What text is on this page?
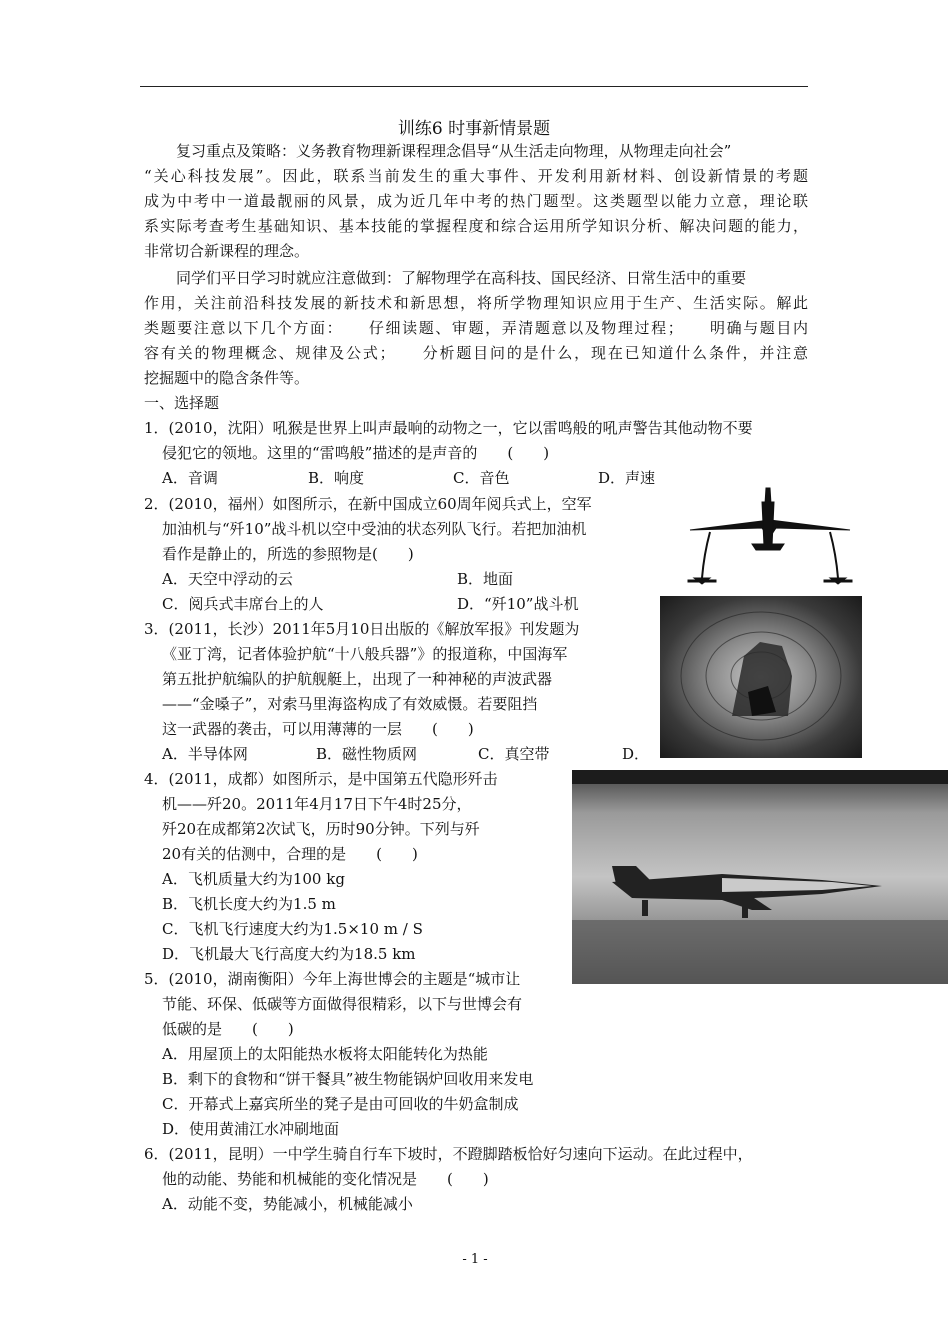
训练6 时事新情景题
复习重点及策略：义务教育物理新课程理念倡导“从生活走向物理，从物理走向社会”
“关心科技发展”。因此，联系当前发生的重大事件、开发利用新材料、创设新情景的考题
成为中考中一道最靓丽的风景，成为近几年中考的热门题型。这类题型以能力立意，理论联
系实际考查考生基础知识、基本技能的掌握程度和综合运用所学知识分析、解决问题的能力，
非常切合新课程的理念。
同学们平日学习时就应注意做到：了解物理学在高科技、国民经济、日常生活中的重要
作用，关注前沿科技发展的新技术和新思想，将所学物理知识应用于生产、生活实际。解此
类题要注意以下几个方面：　　仔细读题、审题，弄清题意以及物理过程；　　明确与题目内
容有关的物理概念、规律及公式；　　分析题目问的是什么，现在已知道什么条件，并注意
挖掘题中的隐含条件等。
一、选择题
1．(2010，沈阳）吼猴是世界上叫声最响的动物之一，它以雷鸣般的吼声警告其他动物不要
侵犯它的领地。这里的“雷鸣般”描述的是声音的　　(　　)
A．音调	B．响度	C．音色	D．声速
2．(2010，福州）如图所示，在新中国成立60周年阅兵式上，空军
加油机与“歼10”战斗机以空中受油的状态列队飞行。若把加油机
看作是静止的，所选的参照物是(　　)
A．天空中浮动的云	B．地面
C．阅兵式丰席台上的人	D．“歼10”战斗机
3．(2011，长沙）2011年5月10日出版的《解放军报》刊发题为
《亚丁湾，记者体验护航“十八般兵器”》的报道称，中国海军
第五批护航编队的护航舰艇上，出现了一种神秘的声波武器
——“金嗓子”，对索马里海盗构成了有效威慑。若要阻挡
这一武器的袭击，可以用薄薄的一层　　(　　)
A．半导体网	B．磁性物质网	C．真空带	D．
4．(2011，成都）如图所示，是中国第五代隐形歼击
机——歼20。2011年4月17日下午4时25分，
歼20在成都第2次试飞，历时90分钟。下列与歼
20有关的估测中，合理的是　　(　　)
A．飞机质量大约为100 kg
B．飞机长度大约为1.5 m
C．飞机飞行速度大约为1.5×10 m / S
D．飞机最大飞行高度大约为18.5 km
5．(2010，湖南衡阳）今年上海世博会的主题是“城市让
节能、环保、低碳等方面做得很精彩，以下与世博会有
低碳的是　　(　　)
A．用屋顶上的太阳能热水板将太阳能转化为热能
B．剩下的食物和“饼干餐具”被生物能锅炉回收用来发电
C．开幕式上嘉宾所坐的凳子是由可回收的牛奶盒制成
D．使用黄浦江水冲刷地面
6．(2011，昆明）一中学生骑自行车下坡时，不蹬脚踏板恰好匀速向下运动。在此过程中，
他的动能、势能和机械能的变化情况是　　(　　)
A．动能不变，势能减小，机械能减小
- 1 -
